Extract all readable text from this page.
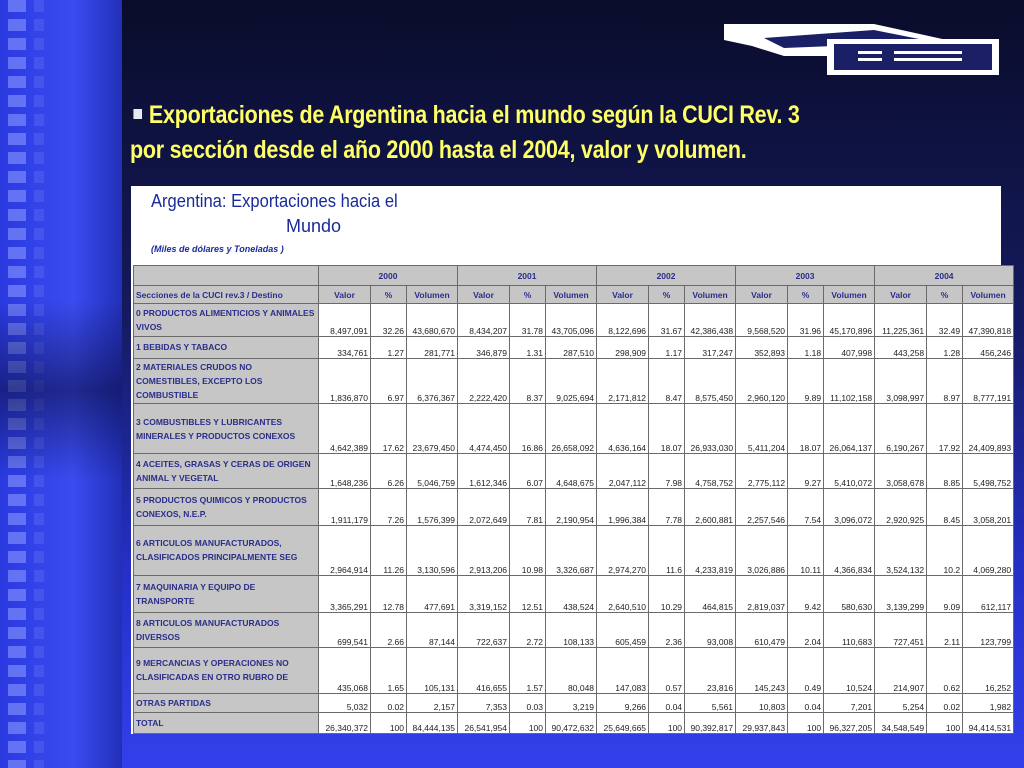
Exportaciones de Argentina hacia el mundo según la CUCI Rev. 3
por sección desde el año 2000 hasta el 2004, valor y volumen.
Argentina: Exportaciones hacia el
Mundo
(Miles de dólares y Toneladas )
	2000			2001			2002			2003			2004		
Secciones de la CUCI rev.3 / Destino	Valor	%	Volumen	Valor	%	Volumen	Valor	%	Volumen	Valor	%	Volumen	Valor	%	Volumen
0 PRODUCTOS ALIMENTICIOS Y ANIMALES VIVOS	8,497,091	32.26	43,680,670	8,434,207	31.78	43,705,096	8,122,696	31.67	42,386,438	9,568,520	31.96	45,170,896	11,225,361	32.49	47,390,818
1 BEBIDAS Y TABACO	334,761	1.27	281,771	346,879	1.31	287,510	298,909	1.17	317,247	352,893	1.18	407,998	443,258	1.28	456,246
2 MATERIALES CRUDOS NO COMESTIBLES, EXCEPTO LOS COMBUSTIBLE	1,836,870	6.97	6,376,367	2,222,420	8.37	9,025,694	2,171,812	8.47	8,575,450	2,960,120	9.89	11,102,158	3,098,997	8.97	8,777,191
3 COMBUSTIBLES Y LUBRICANTES MINERALES Y PRODUCTOS CONEXOS	4,642,389	17.62	23,679,450	4,474,450	16.86	26,658,092	4,636,164	18.07	26,933,030	5,411,204	18.07	26,064,137	6,190,267	17.92	24,409,893
4 ACEITES, GRASAS Y CERAS DE ORIGEN ANIMAL Y VEGETAL	1,648,236	6.26	5,046,759	1,612,346	6.07	4,648,675	2,047,112	7.98	4,758,752	2,775,112	9.27	5,410,072	3,058,678	8.85	5,498,752
5 PRODUCTOS QUIMICOS Y PRODUCTOS CONEXOS, N.E.P.	1,911,179	7.26	1,576,399	2,072,649	7.81	2,190,954	1,996,384	7.78	2,600,881	2,257,546	7.54	3,096,072	2,920,925	8.45	3,058,201
6 ARTICULOS MANUFACTURADOS, CLASIFICADOS PRINCIPALMENTE SEG	2,964,914	11.26	3,130,596	2,913,206	10.98	3,326,687	2,974,270	11.6	4,233,819	3,026,886	10.11	4,366,834	3,524,132	10.2	4,069,280
7 MAQUINARIA Y EQUIPO DE TRANSPORTE	3,365,291	12.78	477,691	3,319,152	12.51	438,524	2,640,510	10.29	464,815	2,819,037	9.42	580,630	3,139,299	9.09	612,117
8 ARTICULOS MANUFACTURADOS DIVERSOS	699,541	2.66	87,144	722,637	2.72	108,133	605,459	2.36	93,008	610,479	2.04	110,683	727,451	2.11	123,799
9 MERCANCIAS Y OPERACIONES NO CLASIFICADAS EN OTRO RUBRO DE	435,068	1.65	105,131	416,655	1.57	80,048	147,083	0.57	23,816	145,243	0.49	10,524	214,907	0.62	16,252
OTRAS PARTIDAS	5,032	0.02	2,157	7,353	0.03	3,219	9,266	0.04	5,561	10,803	0.04	7,201	5,254	0.02	1,982
TOTAL	26,340,372	100	84,444,135	26,541,954	100	90,472,632	25,649,665	100	90,392,817	29,937,843	100	96,327,205	34,548,549	100	94,414,531
